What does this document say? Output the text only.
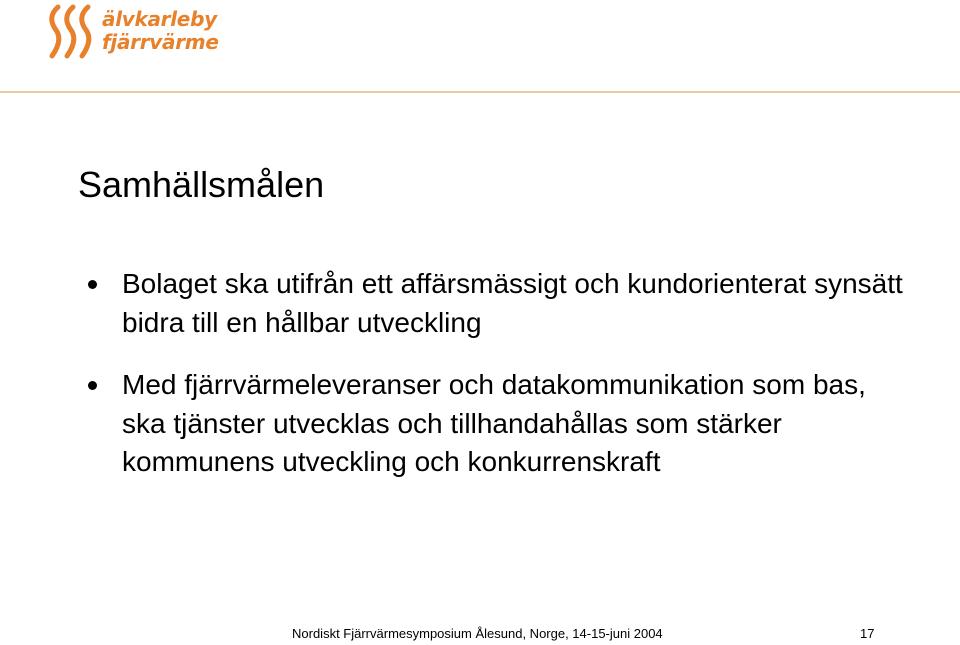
älvkarleby
fjärrvärme
Samhällsmålen
Bolaget ska utifrån ett affärsmässigt och kundorienterat synsätt bidra till en hållbar utveckling
Med fjärrvärmeleveranser och datakommunikation som bas, ska tjänster utvecklas och tillhandahållas som stärker kommunens utveckling och konkurrenskraft
Nordiskt Fjärrvärmesymposium Ålesund, Norge, 14-15-juni 2004	17
